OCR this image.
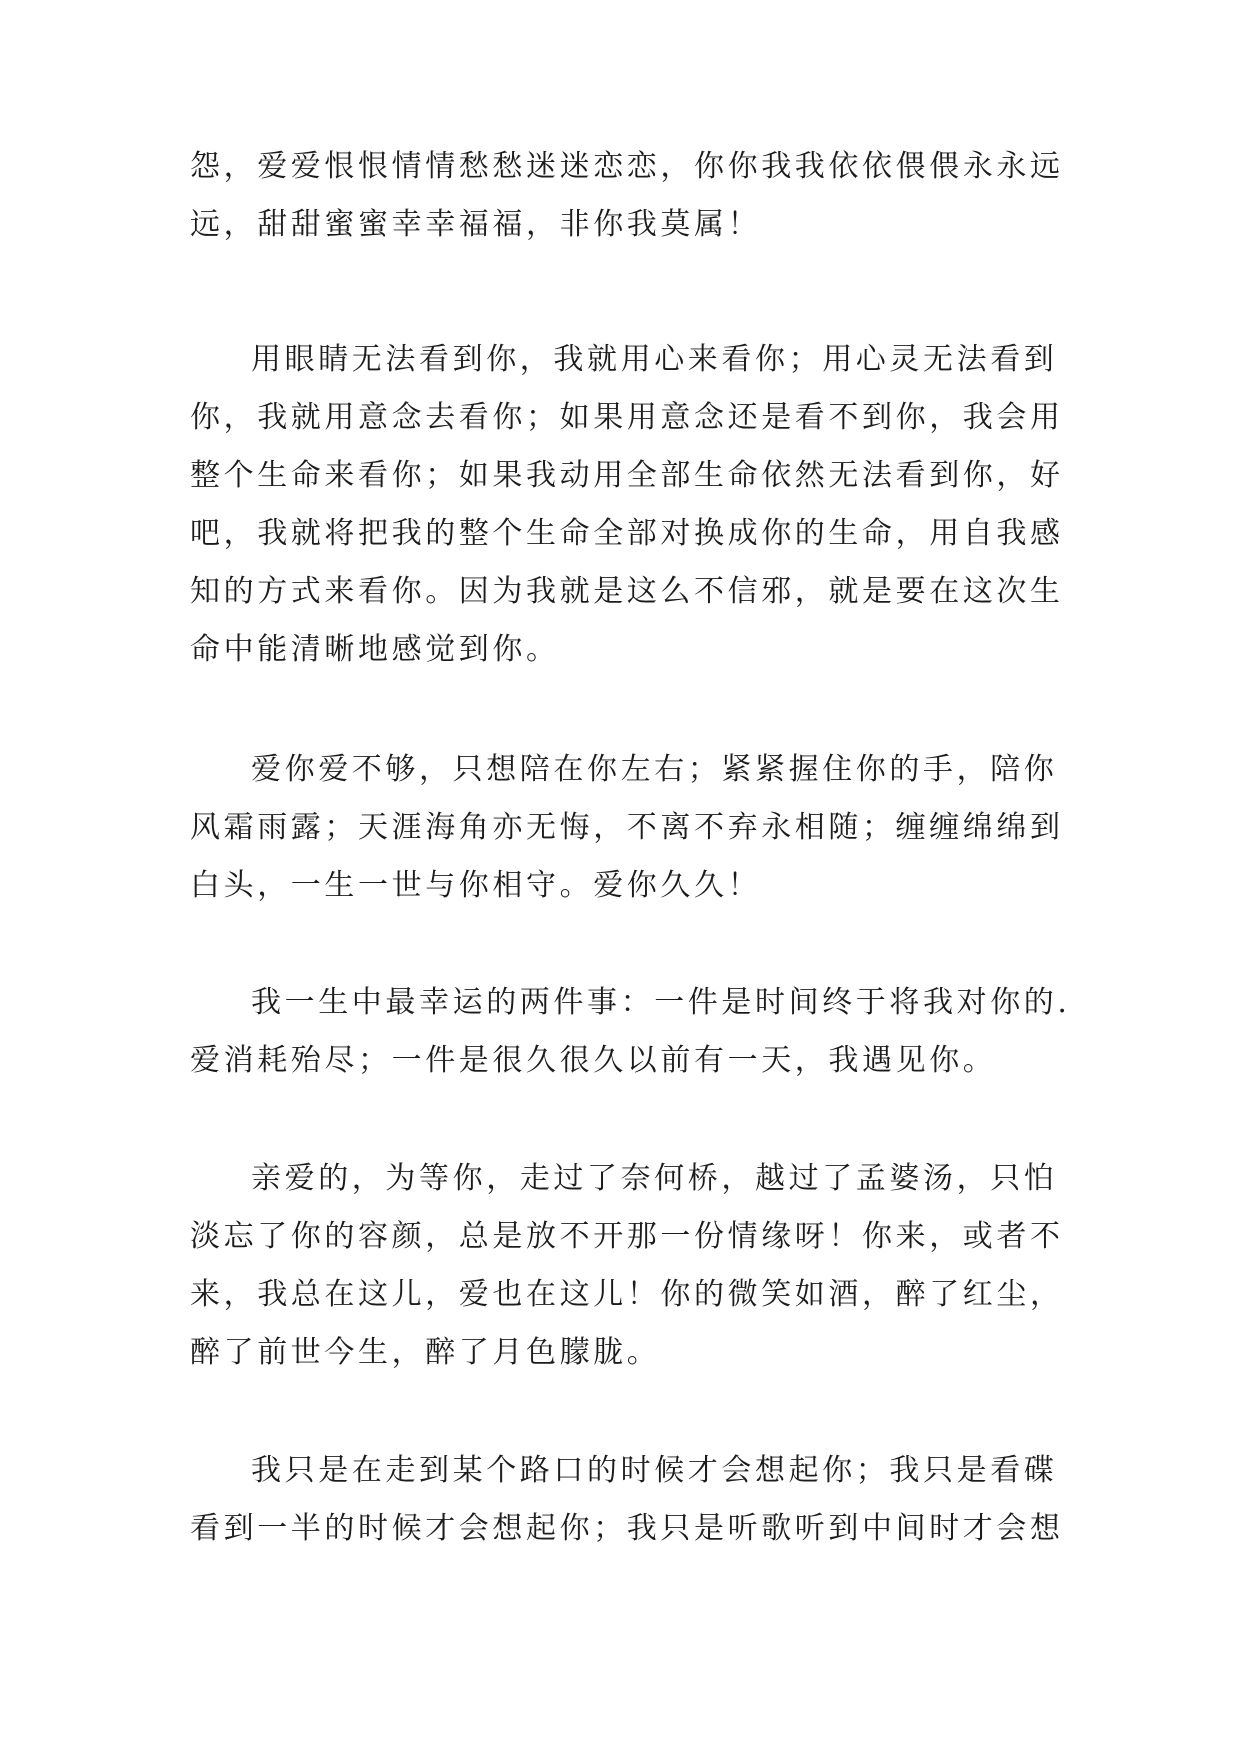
怨，爱爱恨恨情情愁愁迷迷恋恋，你你我我依依偎偎永永远
远，甜甜蜜蜜幸幸福福，非你我莫属！
用眼睛无法看到你，我就用心来看你；用心灵无法看到
你，我就用意念去看你；如果用意念还是看不到你，我会用
整个生命来看你；如果我动用全部生命依然无法看到你，好
吧，我就将把我的整个生命全部对换成你的生命，用自我感
知的方式来看你。因为我就是这么不信邪，就是要在这次生
命中能清晰地感觉到你。
爱你爱不够，只想陪在你左右；紧紧握住你的手，陪你
风霜雨露；天涯海角亦无悔，不离不弃永相随；缠缠绵绵到
白头，一生一世与你相守。爱你久久！
我一生中最幸运的两件事：一件是时间终于将我对你的.
爱消耗殆尽；一件是很久很久以前有一天，我遇见你。
亲爱的，为等你，走过了奈何桥，越过了孟婆汤，只怕
淡忘了你的容颜，总是放不开那一份情缘呀！你来，或者不
来，我总在这儿，爱也在这儿！你的微笑如酒，醉了红尘，
醉了前世今生，醉了月色朦胧。
我只是在走到某个路口的时候才会想起你；我只是看碟
看到一半的时候才会想起你；我只是听歌听到中间时才会想
